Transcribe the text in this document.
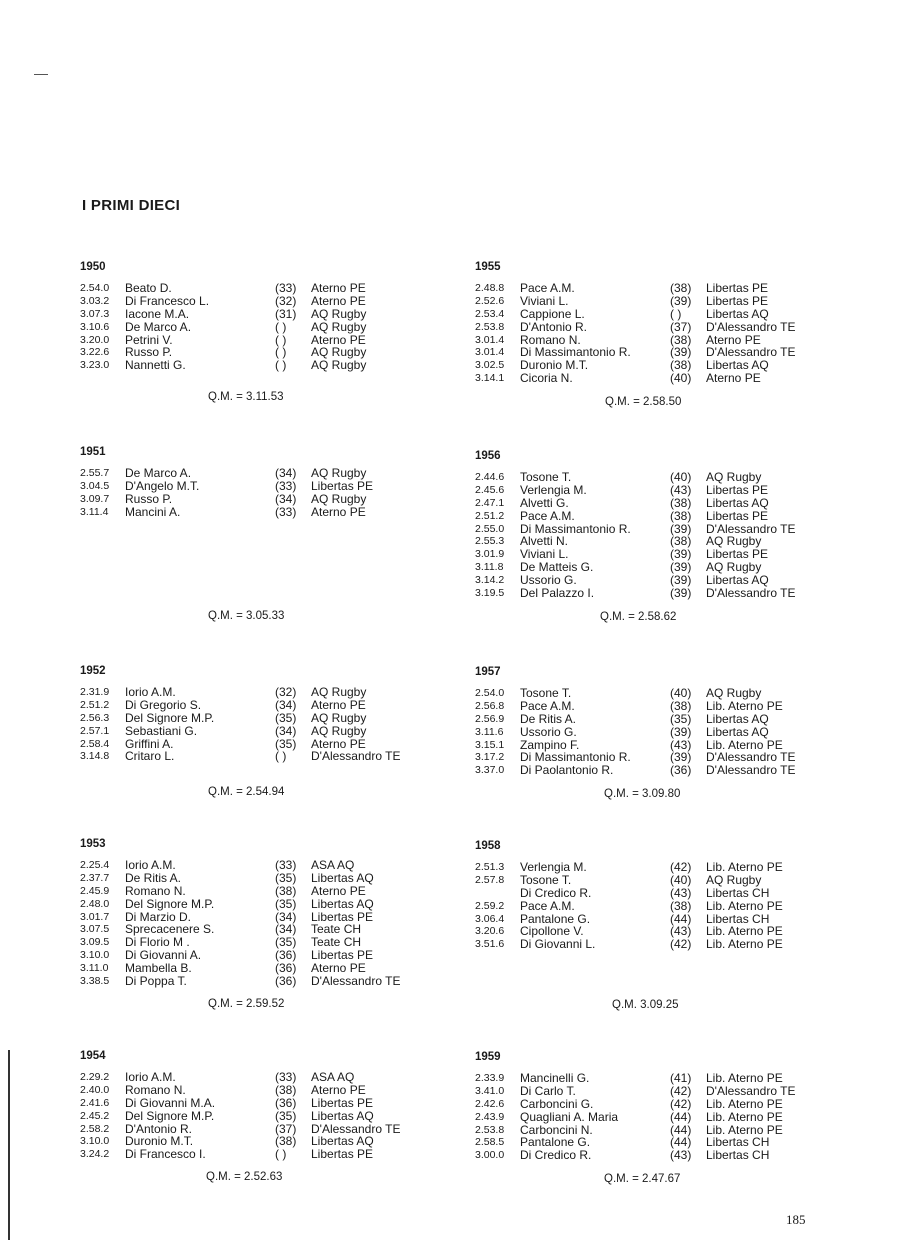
I PRIMI DIECI
1950
2.54.0 Beato D.	(33) Aterno PE
3.03.2 Di Francesco L.	(32) Aterno PE
3.07.3 Iacone M.A.	(31) AQ Rugby
3.10.6 De Marco A.	( ) AQ Rugby
3.20.0 Petrini V.	( ) Aterno PE
3.22.6 Russo P.	( ) AQ Rugby
3.23.0 Nannetti G.	( ) AQ Rugby
Q.M. = 3.11.53
1955
2.48.8 Pace A.M.	(38) Libertas PE
2.52.6 Viviani L.	(39) Libertas PE
2.53.4 Cappione L.	( ) Libertas AQ
2.53.8 D'Antonio R.	(37) D'Alessandro TE
3.01.4 Romano N.	(38) Aterno PE
3.01.4 Di Massimantonio R.	(39) D'Alessandro TE
3.02.5 Duronio M.T.	(38) Libertas AQ
3.14.1 Cicoria N.	(40) Aterno PE
Q.M. = 2.58.50
1951
2.55.7 De Marco A.	(34) AQ Rugby
3.04.5 D'Angelo M.T.	(33) Libertas PE
3.09.7 Russo P.	(34) AQ Rugby
3.11.4 Mancini A.	(33) Aterno PE
Q.M. = 3.05.33
1956
2.44.6 Tosone T.	(40) AQ Rugby
2.45.6 Verlengia M.	(43) Libertas PE
2.47.1 Alvetti G.	(38) Libertas AQ
2.51.2 Pace A.M.	(38) Libertas PE
2.55.0 Di Massimantonio R.	(39) D'Alessandro TE
2.55.3 Alvetti N.	(38) AQ Rugby
3.01.9 Viviani L.	(39) Libertas PE
3.11.8 De Matteis G.	(39) AQ Rugby
3.14.2 Ussorio G.	(39) Libertas AQ
3.19.5 Del Palazzo I.	(39) D'Alessandro TE
Q.M. = 2.58.62
1952
2.31.9 Iorio A.M.	(32) AQ Rugby
2.51.2 Di Gregorio S.	(34) Aterno PE
2.56.3 Del Signore M.P.	(35) AQ Rugby
2.57.1 Sebastiani G.	(34) AQ Rugby
2.58.4 Griffini A.	(35) Aterno PE
3.14.8 Critaro L.	( ) D'Alessandro TE
Q.M. = 2.54.94
1957
2.54.0 Tosone T.	(40) AQ Rugby
2.56.8 Pace A.M.	(38) Lib. Aterno PE
2.56.9 De Ritis A.	(35) Libertas AQ
3.11.6 Ussorio G.	(39) Libertas AQ
3.15.1 Zampino F.	(43) Lib. Aterno PE
3.17.2 Di Massimantonio R.	(39) D'Alessandro TE
3.37.0 Di Paolantonio R.	(36) D'Alessandro TE
Q.M. = 3.09.80
1953
2.25.4 Iorio A.M.	(33) ASA AQ
2.37.7 De Ritis A.	(35) Libertas AQ
2.45.9 Romano N.	(38) Aterno PE
2.48.0 Del Signore M.P.	(35) Libertas AQ
3.01.7 Di Marzio D.	(34) Libertas PE
3.07.5 Sprecacenere S.	(34) Teate CH
3.09.5 Di Florio M .	(35) Teate CH
3.10.0 Di Giovanni A.	(36) Libertas PE
3.11.0 Mambella B.	(36) Aterno PE
3.38.5 Di Poppa T.	(36) D'Alessandro TE
Q.M. = 2.59.52
1958
2.51.3 Verlengia M.	(42) Lib. Aterno PE
2.57.8 Tosone T.	(40) AQ Rugby
Di Credico R.	(43) Libertas CH
2.59.2 Pace A.M.	(38) Lib. Aterno PE
3.06.4 Pantalone G.	(44) Libertas CH
3.20.6 Cipollone V.	(43) Lib. Aterno PE
3.51.6 Di Giovanni L.	(42) Lib. Aterno PE
Q.M. 3.09.25
1954
2.29.2 Iorio A.M.	(33) ASA AQ
2.40.0 Romano N.	(38) Aterno PE
2.41.6 Di Giovanni M.A.	(36) Libertas PE
2.45.2 Del Signore M.P.	(35) Libertas AQ
2.58.2 D'Antonio R.	(37) D'Alessandro TE
3.10.0 Duronio M.T.	(38) Libertas AQ
3.24.2 Di Francesco I.	( ) Libertas PE
Q.M. = 2.52.63
1959
2.33.9 Mancinelli G.	(41) Lib. Aterno PE
3.41.0 Di Carlo T.	(42) D'Alessandro TE
2.42.6 Carboncini G.	(42) Lib. Aterno PE
2.43.9 Quagliani A. Maria	(44) Lib. Aterno PE
2.53.8 Carboncini N.	(44) Lib. Aterno PE
2.58.5 Pantalone G.	(44) Libertas CH
3.00.0 Di Credico R.	(43) Libertas CH
Q.M. = 2.47.67
185
